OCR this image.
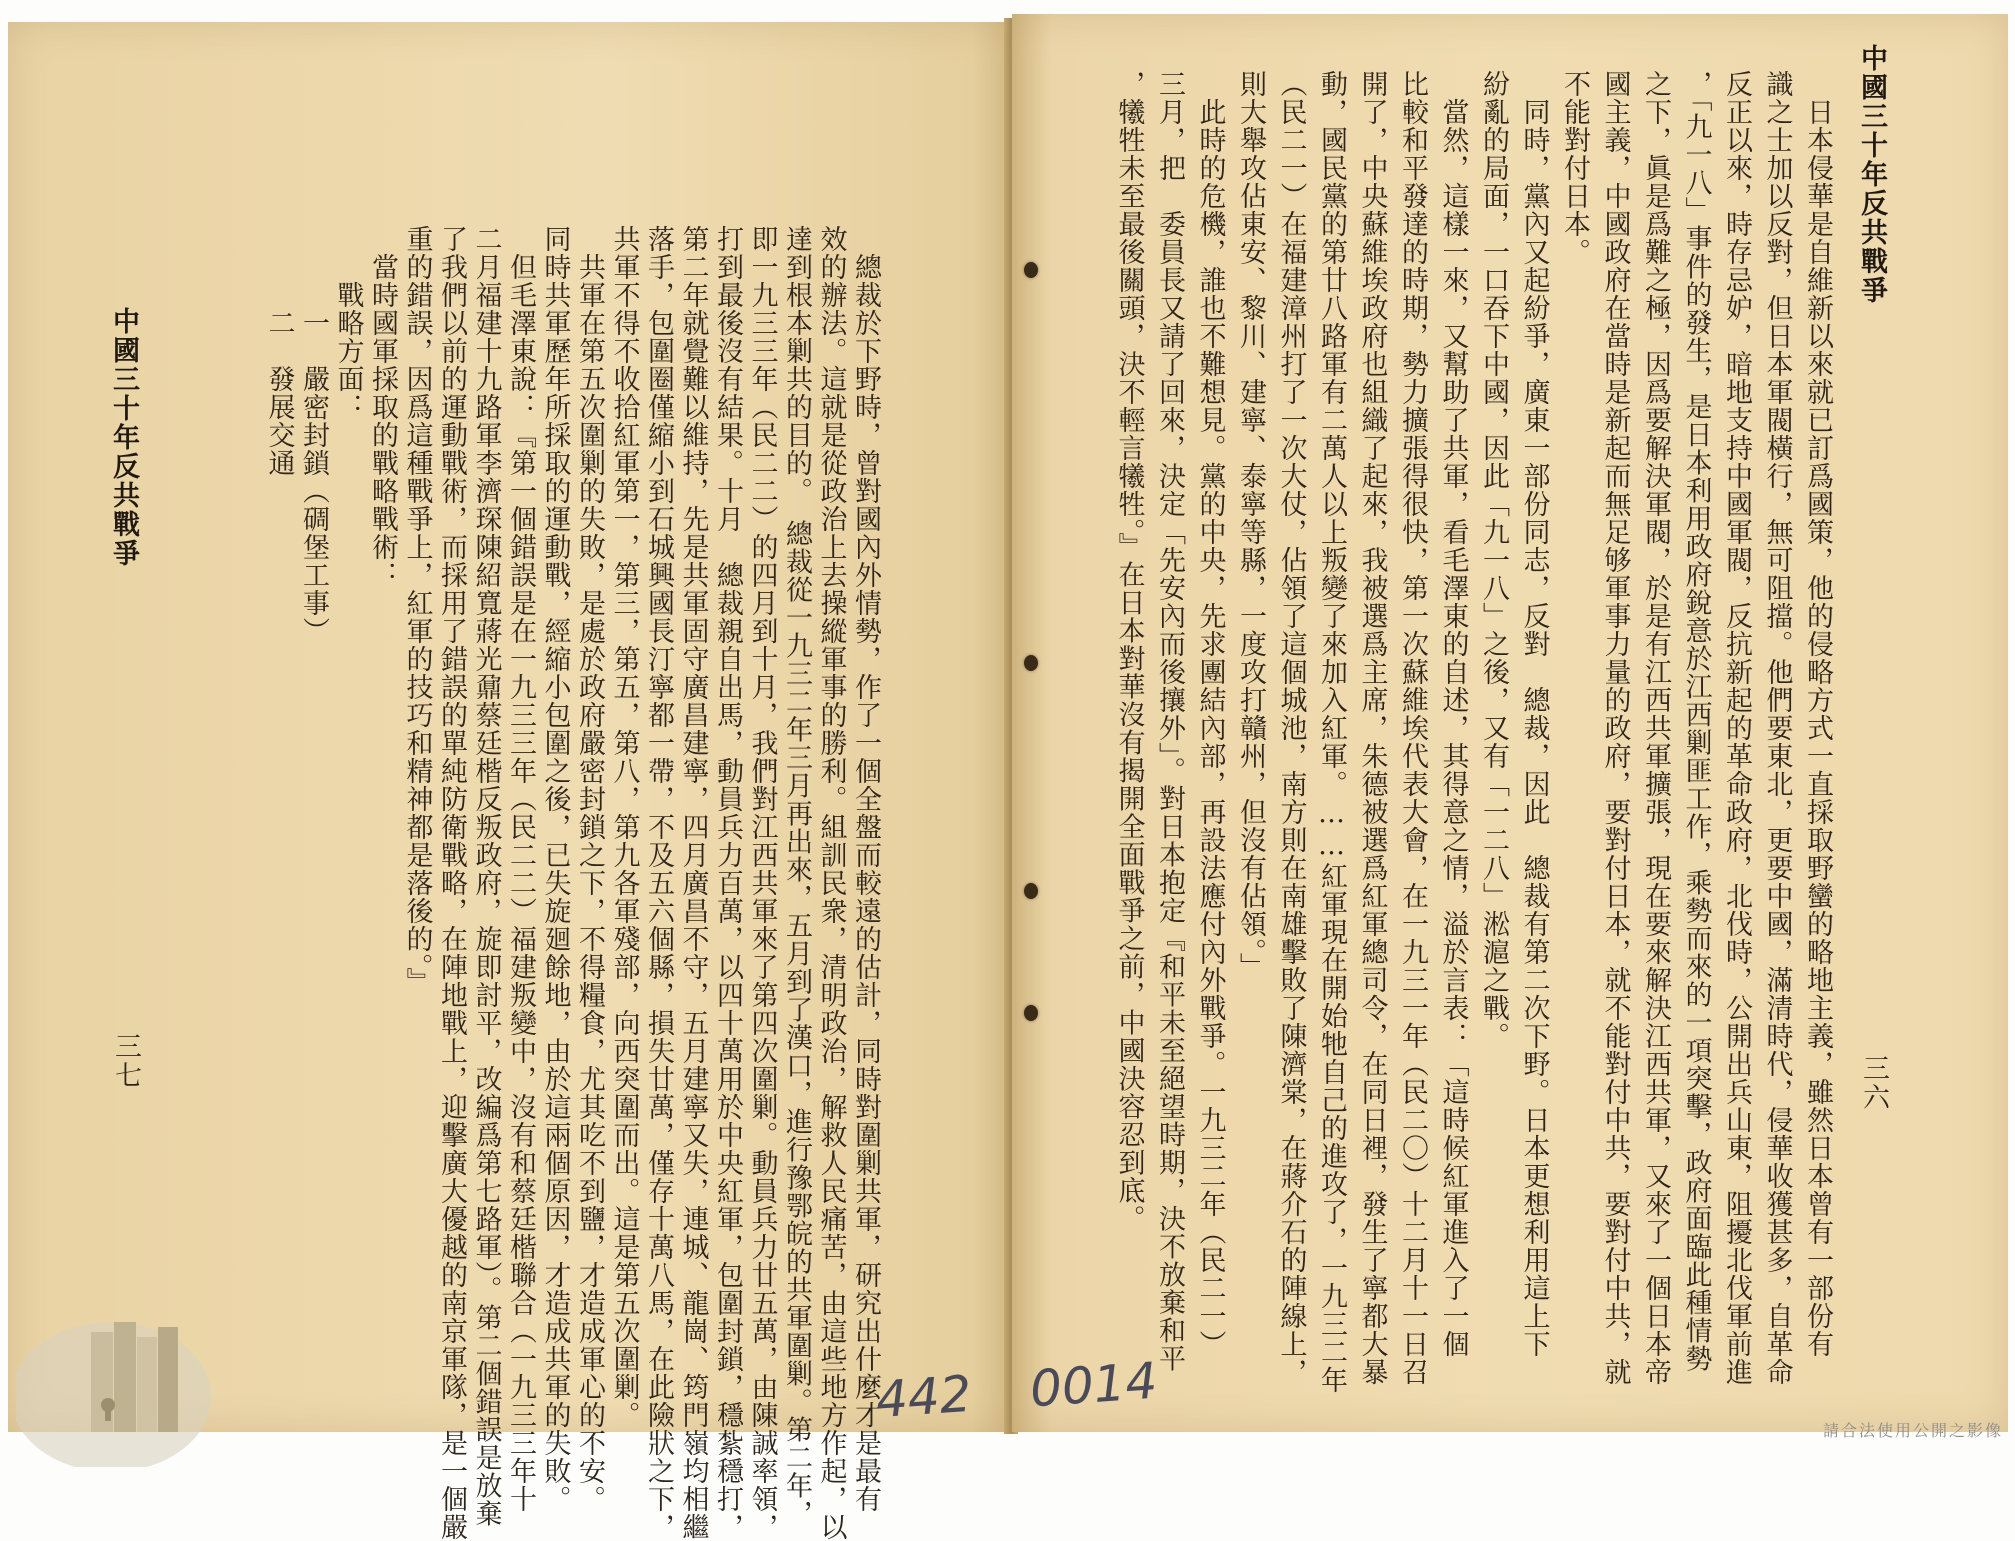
中國三十年反共戰爭	　總裁於下野時，曾對國內外情勢，作了一個全盤而較遠的估計，同時對圍剿共軍，研究出什麼才是最有
效的辦法。這就是從政治上去操縱軍事的勝利。組訓民衆，清明政治，解救人民痛苦，由這些地方作起，以
達到根本剿共的目的。　總裁從一九三二年三月再出來，五月到了漢口，進行豫鄂皖的共軍圍剿。第二年，
即一九三三年（民二二）的四月到十月，我們對江西共軍來了第四次圍剿。動員兵力廿五萬，由陳誠率領，
打到最後沒有結果。十月　總裁親自出馬，動員兵力百萬，以四十萬用於中央紅軍，包圍封鎖，穩紮穩打，
第二年就覺難以維持，先是共軍固守廣昌建寧，四月廣昌不守，五月建寧又失，連城、龍崗、筠門嶺均相繼
落手，包圍圈僅縮小到石城興國長汀寧都一帶，不及五六個縣，損失廿萬，僅存十萬八馬，在此險狀之下，
共軍不得不收拾紅軍第一，第三，第五，第八，第九各軍殘部，向西突圍而出。這是第五次圍剿。
　共軍在第五次圍剿的失敗，是處於政府嚴密封鎖之下，不得糧食，尤其吃不到鹽，才造成軍心的不安。
同時共軍歷年所採取的運動戰，經縮小包圍之後，已失旋廻餘地，由於這兩個原因，才造成共軍的失敗。
　但毛澤東說：『第一個錯誤是在一九三三年（民二二）福建叛變中，沒有和蔡廷楷聯合（一九三三年十
二月福建十九路軍李濟琛陳紹寬蔣光鼐蔡廷楷反叛政府，旋即討平，改編爲第七路軍）。第二個錯誤是放棄
了我們以前的運動戰術，而採用了錯誤的單純防衛戰略，在陣地戰上，迎擊廣大優越的南京軍隊，是一個嚴
重的錯誤，因爲這種戰爭上，紅軍的技巧和精神都是落後的。』
　當時國軍採取的戰略戰術：
　　戰略方面：
　　　一　嚴密封鎖（碉堡工事）
　　　二　發展交通
三七
中國三十年反共戰爭
　日本侵華是自維新以來就已訂爲國策，他的侵略方式一直採取野蠻的略地主義，雖然日本曾有一部份有
識之士加以反對，但日本軍閥橫行，無可阻擋。他們要東北，更要中國，滿清時代，侵華收獲甚多，自革命
反正以來，時存忌妒，暗地支持中國軍閥，反抗新起的革命政府，北伐時，公開出兵山東，阻擾北伐軍前進
，「九一八」事件的發生，是日本利用政府銳意於江西剿匪工作，乘勢而來的一項突擊，政府面臨此種情勢
之下，眞是爲難之極，因爲要解決軍閥，於是有江西共軍擴張，現在要來解決江西共軍，又來了一個日本帝
國主義，中國政府在當時是新起而無足够軍事力量的政府，要對付日本，就不能對付中共，要對付中共，就
不能對付日本。
　同時，黨內又起紛爭，廣東一部份同志，反對　總裁，因此　總裁有第二次下野。日本更想利用這上下
紛亂的局面，一口吞下中國，因此「九一八」之後，又有「一二八」淞滬之戰。
　當然，這樣一來，又幫助了共軍，看毛澤東的自述，其得意之情，溢於言表：「這時候紅軍進入了一個
比較和平發達的時期，勢力擴張得很快，第一次蘇維埃代表大會，在一九三一年（民二〇）十二月十一日召
開了，中央蘇維埃政府也組織了起來，我被選爲主席，朱德被選爲紅軍總司令，在同日裡，發生了寧都大暴
動，國民黨的第廿八路軍有二萬人以上叛變了來加入紅軍。……紅軍現在開始牠自己的進攻了，一九三二年
（民二一）在福建漳州打了一次大仗，佔領了這個城池，南方則在南雄擊敗了陳濟棠，在蔣介石的陣線上，
則大舉攻佔東安、黎川、建寧、泰寧等縣，一度攻打贛州，但沒有佔領。」
　此時的危機，誰也不難想見。黨的中央，先求團結內部，再設法應付內外戰爭。一九三二年（民二一）
三月，把　委員長又請了回來，決定「先安內而後攘外」。對日本抱定『和平未至絕望時期，決不放棄和平
，犧牲未至最後關頭，決不輕言犧牲。』在日本對華沒有揭開全面戰爭之前，中國決容忍到底。	三六
442 0014
請合法使用公開之影像
